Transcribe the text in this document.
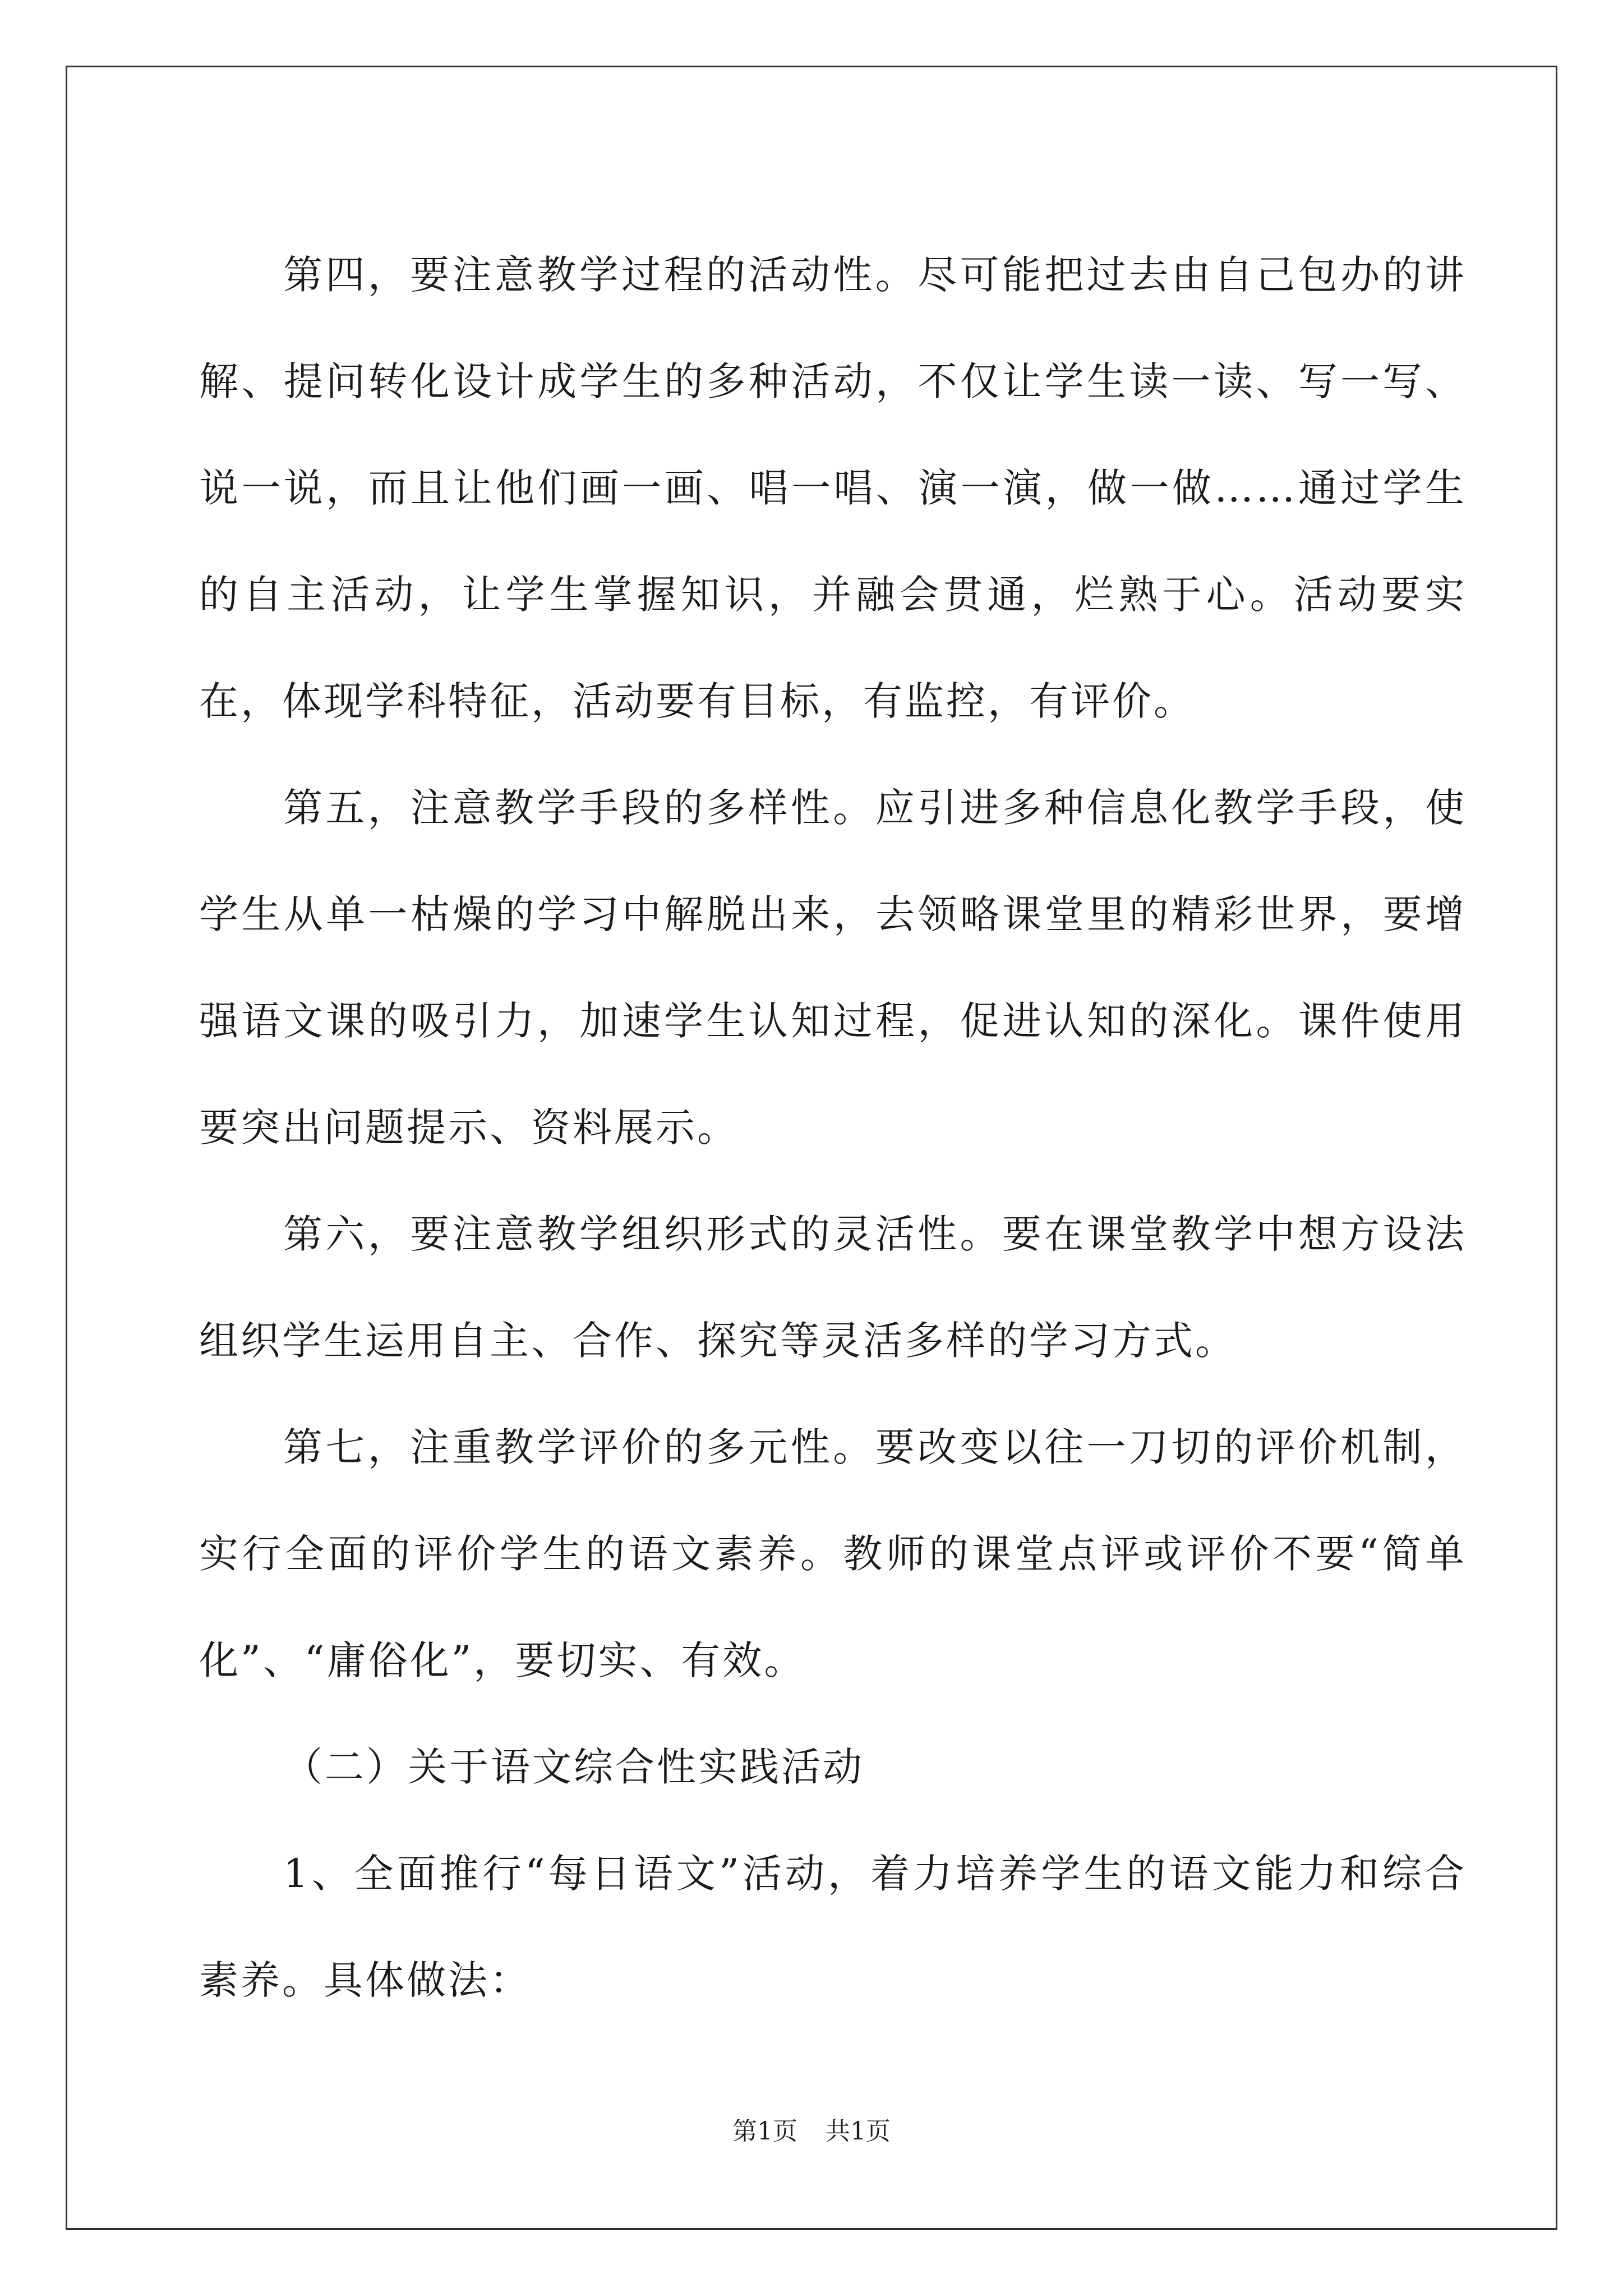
第四，要注意教学过程的活动性。尽可能把过去由自己包办的讲解、提问转化设计成学生的多种活动，不仅让学生读一读、写一写、说一说，而且让他们画一画、唱一唱、演一演，做一做……通过学生的自主活动，让学生掌握知识，并融会贯通，烂熟于心。活动要实在，体现学科特征，活动要有目标，有监控，有评价。

第五，注意教学手段的多样性。应引进多种信息化教学手段，使学生从单一枯燥的学习中解脱出来，去领略课堂里的精彩世界，要增强语文课的吸引力，加速学生认知过程，促进认知的深化。课件使用要突出问题提示、资料展示。

第六，要注意教学组织形式的灵活性。要在课堂教学中想方设法组织学生运用自主、合作、探究等灵活多样的学习方式。

第七，注重教学评价的多元性。要改变以往一刀切的评价机制，实行全面的评价学生的语文素养。教师的课堂点评或评价不要“简单化”、“庸俗化”，要切实、有效。

（二）关于语文综合性实践活动

1、全面推行“每日语文”活动，着力培养学生的语文能力和综合素养。具体做法：

第1页 共1页
